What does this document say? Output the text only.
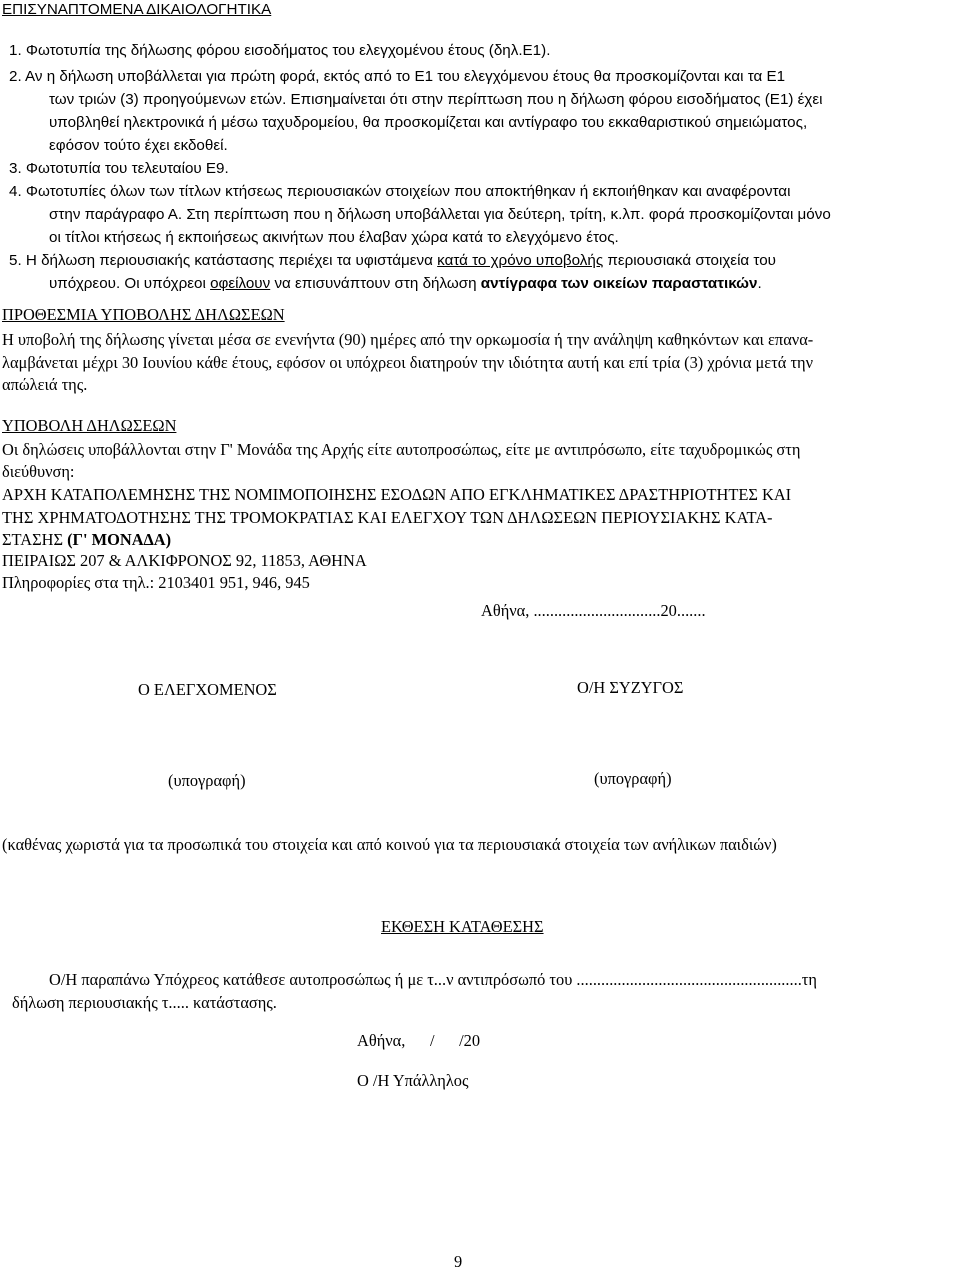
ΕΠΙΣΥΝΑΠΤΟΜΕΝΑ ΔΙΚΑΙΟΛΟΓΗΤΙΚΑ
1. Φωτοτυπία της δήλωσης φόρου εισοδήματος του ελεγχομένου έτους (δηλ.Ε1).
2. Αν η δήλωση υποβάλλεται για πρώτη φορά, εκτός από το Ε1 του ελεγχόμενου έτους θα προσκομίζονται και τα Ε1
των τριών (3) προηγούμενων ετών. Επισημαίνεται ότι στην περίπτωση που η δήλωση φόρου εισοδήματος (Ε1) έχει
υποβληθεί ηλεκτρονικά ή μέσω ταχυδρομείου, θα προσκομίζεται και αντίγραφο του εκκαθαριστικού σημειώματος,
εφόσον τούτο έχει εκδοθεί.
3. Φωτοτυπία του τελευταίου Ε9.
4. Φωτοτυπίες όλων των τίτλων κτήσεως περιουσιακών στοιχείων που αποκτήθηκαν ή εκποιήθηκαν και αναφέρονται
στην παράγραφο Α. Στη περίπτωση που η δήλωση υποβάλλεται για δεύτερη, τρίτη, κ.λπ. φορά προσκομίζονται μόνο
οι τίτλοι κτήσεως ή εκποιήσεως ακινήτων που έλαβαν χώρα κατά το ελεγχόμενο έτος.
5. Η δήλωση περιουσιακής κατάστασης περιέχει τα υφιστάμενα κατά το χρόνο υποβολής περιουσιακά στοιχεία του
υπόχρεου. Οι υπόχρεοι οφείλουν να επισυνάπτουν στη δήλωση αντίγραφα των οικείων παραστατικών.
ΠΡΟΘΕΣΜΙΑ ΥΠΟΒΟΛΗΣ ΔΗΛΩΣΕΩΝ
Η υποβολή της δήλωσης γίνεται μέσα σε ενενήντα (90) ημέρες από την ορκωμοσία ή την ανάληψη καθηκόντων και επανα-
λαμβάνεται μέχρι 30 Ιουνίου κάθε έτους, εφόσον οι υπόχρεοι διατηρούν την ιδιότητα αυτή και επί τρία (3) χρόνια μετά την
απώλειά της.
ΥΠΟΒΟΛΗ ΔΗΛΩΣΕΩΝ
Οι δηλώσεις υποβάλλονται στην Γ' Μονάδα της Αρχής είτε αυτοπροσώπως, είτε με αντιπρόσωπο, είτε ταχυδρομικώς στη
διεύθυνση:
ΑΡΧΗ ΚΑΤΑΠΟΛΕΜΗΣΗΣ ΤΗΣ ΝΟΜΙΜΟΠΟΙΗΣΗΣ ΕΣΟΔΩΝ ΑΠΟ ΕΓΚΛΗΜΑΤΙΚΕΣ ΔΡΑΣΤΗΡΙΟΤΗΤΕΣ ΚΑΙ
ΤΗΣ ΧΡΗΜΑΤΟΔΟΤΗΣΗΣ ΤΗΣ ΤΡΟΜΟΚΡΑΤΙΑΣ ΚΑΙ ΕΛΕΓΧΟΥ ΤΩΝ ΔΗΛΩΣΕΩΝ ΠΕΡΙΟΥΣΙΑΚΗΣ ΚΑΤΑ-
ΣΤΑΣΗΣ (Γ' ΜΟΝΑΔΑ)
ΠΕΙΡΑΙΩΣ 207 & ΑΛΚΙΦΡΟΝΟΣ 92, 11853, ΑΘΗΝΑ
Πληροφορίες στα τηλ.: 2103401 951, 946, 945
Αθήνα, ...............................20.......
Ο ΕΛΕΓΧΟΜΕΝΟΣ	Ο/Η ΣΥΖΥΓΟΣ
(υπογραφή)	(υπογραφή)
(καθένας χωριστά για τα προσωπικά του στοιχεία και από κοινού για τα περιουσιακά στοιχεία των ανήλικων παιδιών)
ΕΚΘΕΣΗ ΚΑΤΑΘΕΣΗΣ
Ο/Η παραπάνω Υπόχρεος κατάθεσε αυτοπροσώπως ή με τ...ν αντιπρόσωπό του .......................................................τη
δήλωση περιουσιακής τ..... κατάστασης.
Αθήνα,      /      /20
Ο /Η Υπάλληλος
9
